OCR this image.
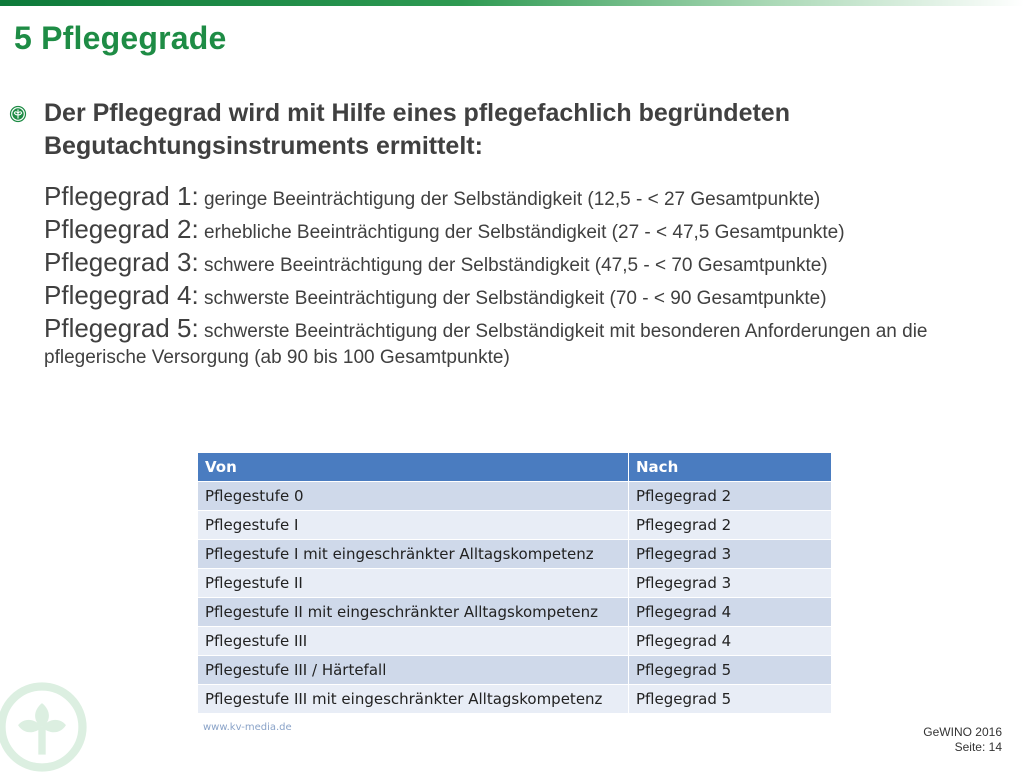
5 Pflegegrade
Der Pflegegrad wird mit Hilfe eines pflegefachlich begründeten Begutachtungsinstruments ermittelt:

Pflegegrad 1: geringe Beeinträchtigung der Selbständigkeit (12,5 - < 27 Gesamtpunkte)

Pflegegrad 2: erhebliche Beeinträchtigung der Selbständigkeit (27 - < 47,5 Gesamtpunkte)

Pflegegrad 3: schwere Beeinträchtigung der Selbständigkeit (47,5 - < 70 Gesamtpunkte)

Pflegegrad 4: schwerste Beeinträchtigung der Selbständigkeit (70 - < 90 Gesamtpunkte)

Pflegegrad 5: schwerste Beeinträchtigung der Selbständigkeit mit besonderen Anforderungen an die pflegerische Versorgung (ab 90 bis 100 Gesamtpunkte)

Von	Nach
Pflegestufe 0	Pflegegrad 2
Pflegestufe I	Pflegegrad 2
Pflegestufe I mit eingeschränkter Alltagskompetenz	Pflegegrad 3
Pflegestufe II	Pflegegrad 3
Pflegestufe II mit eingeschränkter Alltagskompetenz	Pflegegrad 4
Pflegestufe III	Pflegegrad 4
Pflegestufe III / Härtefall	Pflegegrad 5
Pflegestufe III mit eingeschränkter Alltagskompetenz	Pflegegrad 5
www.kv-media.de	GeWINO 2016
Seite: 14
